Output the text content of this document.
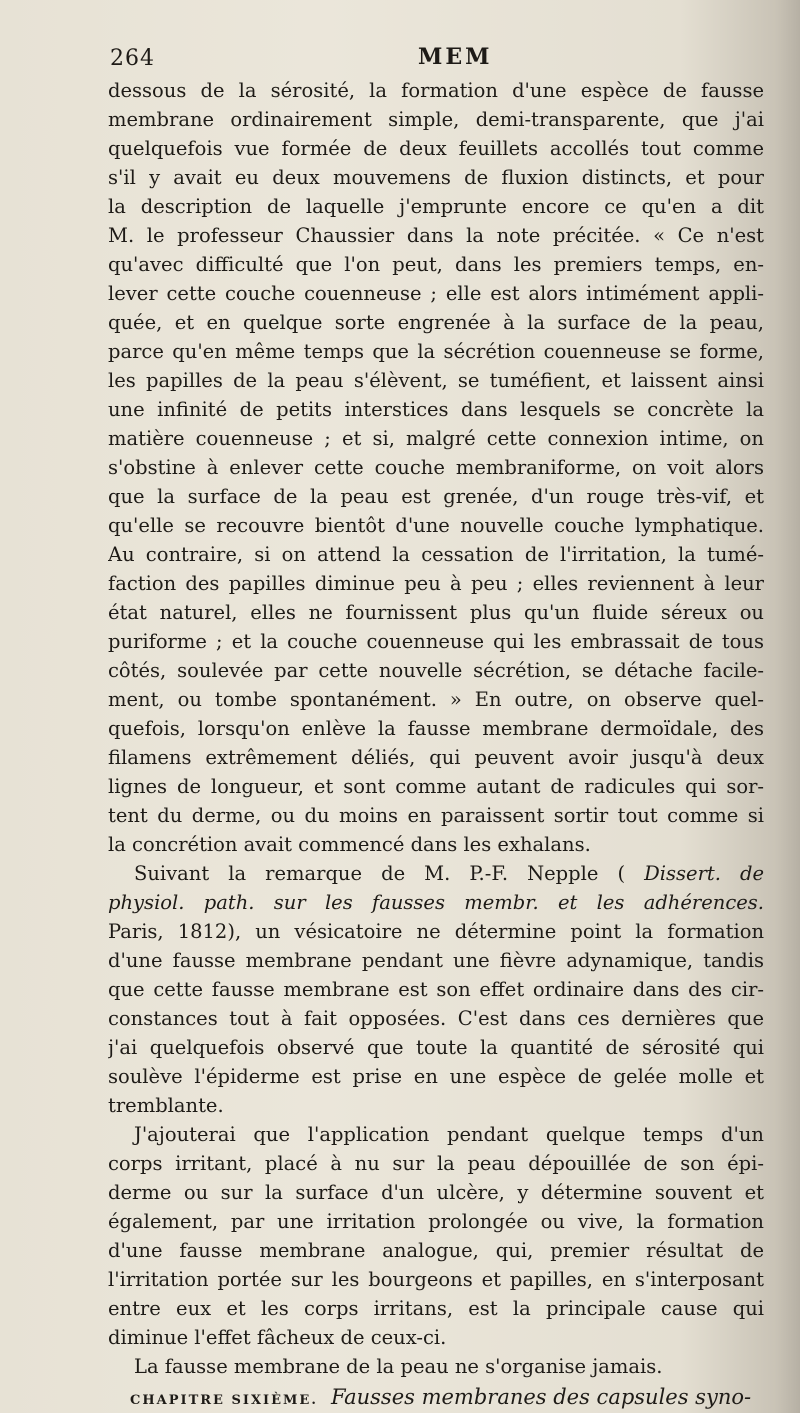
264	MEM
dessous de la sérosité, la formation d'une espèce de fausse
membrane ordinairement simple, demi-transparente, que j'ai
quelquefois vue formée de deux feuillets accollés tout comme
s'il y avait eu deux mouvemens de fluxion distincts, et pour
la description de laquelle j'emprunte encore ce qu'en a dit
M. le professeur Chaussier dans la note précitée. « Ce n'est
qu'avec difficulté que l'on peut, dans les premiers temps, en-
lever cette couche couenneuse ; elle est alors intimément appli-
quée, et en quelque sorte engrenée à la surface de la peau,
parce qu'en même temps que la sécrétion couenneuse se forme,
les papilles de la peau s'élèvent, se tuméfient, et laissent ainsi
une infinité de petits interstices dans lesquels se concrète la
matière couenneuse ; et si, malgré cette connexion intime, on
s'obstine à enlever cette couche membraniforme, on voit alors
que la surface de la peau est grenée, d'un rouge très-vif, et
qu'elle se recouvre bientôt d'une nouvelle couche lymphatique.
Au contraire, si on attend la cessation de l'irritation, la tumé-
faction des papilles diminue peu à peu ; elles reviennent à leur
état naturel, elles ne fournissent plus qu'un fluide séreux ou
puriforme ; et la couche couenneuse qui les embrassait de tous
côtés, soulevée par cette nouvelle sécrétion, se détache facile-
ment, ou tombe spontanément. » En outre, on observe quel-
quefois, lorsqu'on enlève la fausse membrane dermoïdale, des
filamens extrêmement déliés, qui peuvent avoir jusqu'à deux
lignes de longueur, et sont comme autant de radicules qui sor-
tent du derme, ou du moins en paraissent sortir tout comme si
la concrétion avait commencé dans les exhalans.
Suivant la remarque de M. P.-F. Nepple ( Dissert. de
physiol. path. sur les fausses membr. et les adhérences.
Paris, 1812), un vésicatoire ne détermine point la formation
d'une fausse membrane pendant une fièvre adynamique, tandis
que cette fausse membrane est son effet ordinaire dans des cir-
constances tout à fait opposées. C'est dans ces dernières que
j'ai quelquefois observé que toute la quantité de sérosité qui
soulève l'épiderme est prise en une espèce de gelée molle et
tremblante.
J'ajouterai que l'application pendant quelque temps d'un
corps irritant, placé à nu sur la peau dépouillée de son épi-
derme ou sur la surface d'un ulcère, y détermine souvent et
également, par une irritation prolongée ou vive, la formation
d'une fausse membrane analogue, qui, premier résultat de
l'irritation portée sur les bourgeons et papilles, en s'interposant
entre eux et les corps irritans, est la principale cause qui
diminue l'effet fâcheux de ceux-ci.
La fausse membrane de la peau ne s'organise jamais.
CHAPITRE SIXIÈME. Fausses membranes des capsules syno-
